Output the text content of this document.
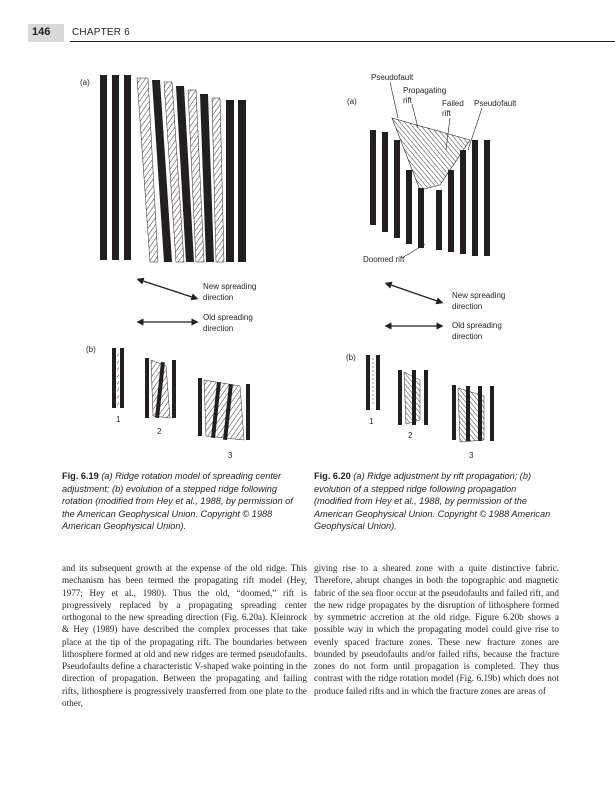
146 CHAPTER 6
(a)
New spreading
direction
Old spreading
direction
(b)
1
2
3
(a)
Pseudofault
Propagating
rift	Failed
rift
Pseudofault
Doomed rift
New spreading
direction
Old spreading
direction
(b)
1
2
3
Fig. 6.19 (a) Ridge rotation model of spreading center adjustment; (b) evolution of a stepped ridge following rotation (modified from Hey et al., 1988, by permission of the American Geophysical Union. Copyright © 1988 American Geophysical Union).
Fig. 6.20 (a) Ridge adjustment by rift propagation; (b) evolution of a stepped ridge following propagation (modified from Hey et al., 1988, by permission of the American Geophysical Union. Copyright © 1988 American Geophysical Union).

and its subsequent growth at the expense of the old ridge. This mechanism has been termed the propagating rift model (Hey, 1977; Hey et al., 1980). Thus the old, “doomed,” rift is progressively replaced by a propagating spreading center orthogonal to the new spreading direction (Fig. 6.20a). Kleinrock & Hey (1989) have described the complex processes that take place at the tip of the propagating rift. The boundaries between lithosphere formed at old and new ridges are termed pseudofaults. Pseudofaults define a characteristic V-shaped wake pointing in the direction of propagation. Between the propagating and failing rifts, lithosphere is progressively transferred from one plate to the other,

giving rise to a sheared zone with a quite distinctive fabric. Therefore, abrupt changes in both the topographic and magnetic fabric of the sea floor occur at the pseudofaults and failed rift, and the new ridge propagates by the disruption of lithosphere formed by symmetric accretion at the old ridge. Figure 6.20b shows a possible way in which the propagating model could give rise to evenly spaced fracture zones. These new fracture zones are bounded by pseudofaults and/or failed rifts, because the fracture zones do not form until propagation is completed. They thus contrast with the ridge rotation model (Fig. 6.19b) which does not produce failed rifts and in which the fracture zones are areas of
